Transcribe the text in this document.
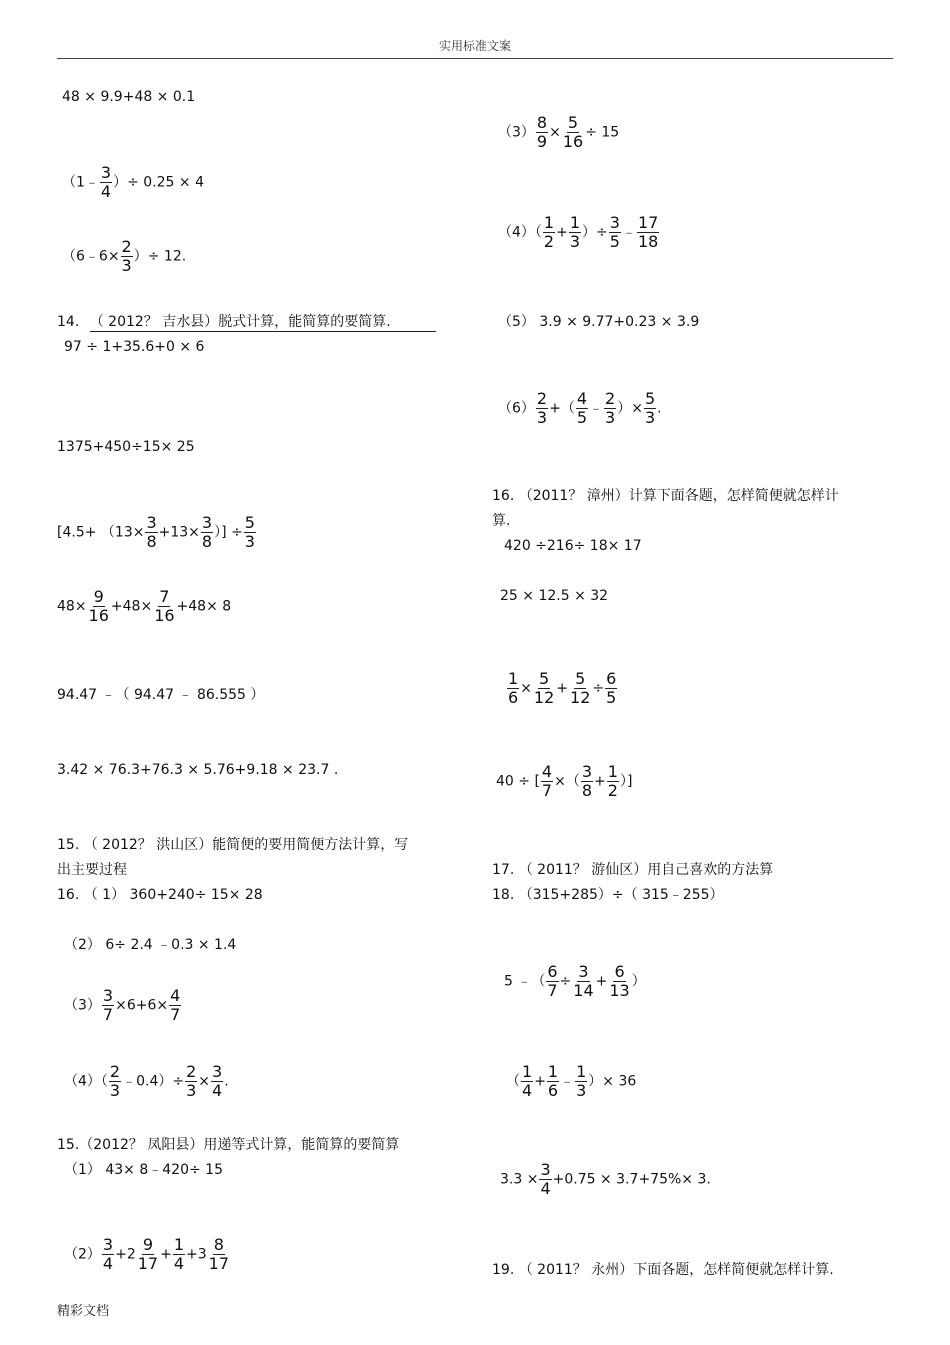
实用标准文案
48 × 9.9+48 × 0.1
（1﹣ $\frac{3}{4}$ ）÷ 0.25 × 4
（6﹣6× $\frac{2}{3}$ ）÷ 12.
14. （ 2012？ 吉水县）脱式计算，能简算的要简算.
97 ÷ 1+35.6+0 × 6
1375+450÷15× 25
[$4.5+ (13\times \frac{3}{8} +13\times \frac{3}{8}$ ）] ÷ $\frac{5}{3}$
$48\times \frac{9}{16} +48\times \frac{7}{16} +48\times 8$
94.47 ﹣（ 94.47 ﹣ 86.555 ）
3.42 × 76.3+76.3 × 5.76+9.18 × 23.7 .
15. （ 2012？ 洪山区）能简便的要用简便方法计算，写
出主要过程
16. （ 1） 360+240÷ 15× 28
（2） 6÷ 2.4 ﹣0.3 × 1.4
$(3) \frac{3}{7} \times 6+6\times \frac{4}{7}$
$(4)( \frac{2}{3}$ ﹣0.4）÷ $\frac{2}{3} \times \frac{3}{4}$ .
15.（2012？ 凤阳县）用递等式计算，能简算的要简算
（1） 43× 8﹣420÷ 15
$(2) \frac{3}{4} +2 \frac{9}{17} + \frac{1}{4} +3 \frac{8}{17}$
$(3) \frac{8}{9} \times \frac{5}{16} \div 15$
$(4)( \frac{1}{2} + \frac{1}{3}$ ）÷ $\frac{3}{5}$ ﹣ $\frac{17}{18}$
（5） 3.9 × 9.77+0.23 × 3.9
$(6) \frac{2}{3}$ +（ $\frac{4}{5}$ ﹣ $\frac{2}{3}$ ）× $\frac{5}{3}$ .
16. （2011？ 漳州）计算下面各题，怎样简便就怎样计
算.
420 ÷216÷ 18× 17
25 × 12.5 × 32
$\frac{1}{6} \times \frac{5}{12} + \frac{5}{12} \div \frac{6}{5}$
40 ÷ [ $\frac{4}{7}$ ×（ $\frac{3}{8} + \frac{1}{2}$ ）]
17. （ 2011？ 游仙区）用自己喜欢的方法算
18. （315+285）÷（ 315﹣255）
5 ﹣（ $\frac{6}{7} \div \frac{3}{14} + \frac{6}{13}$ ）
（ $\frac{1}{4} + \frac{1}{6}$ ﹣ $\frac{1}{3}$ ）× 36
$3.3 \times \frac{3}{4} +0.75 \times 3.7+75\%\times 3$.
19. （ 2011？ 永州）下面各题，怎样简便就怎样计算.
精彩文档
